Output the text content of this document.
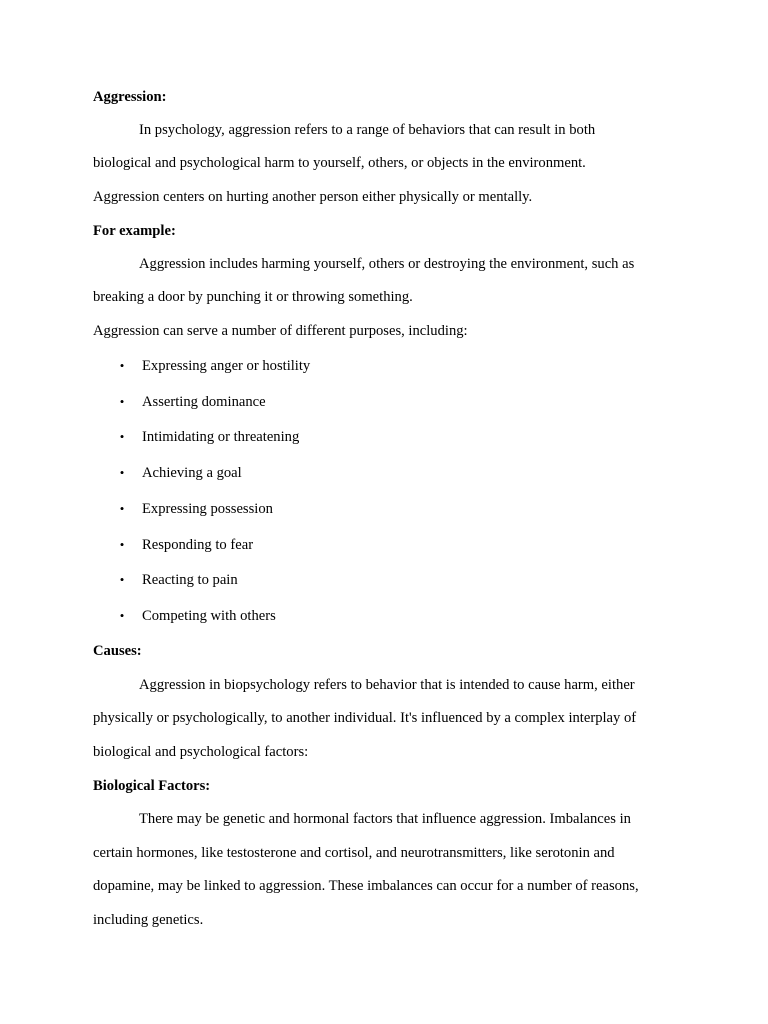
Aggression:
In psychology, aggression refers to a range of behaviors that can result in both
biological and psychological harm to yourself, others, or objects in the environment.
Aggression centers on hurting another person either physically or mentally.
For example:
Aggression includes harming yourself, others or destroying the environment, such as
breaking a door by punching it or throwing something.
Aggression can serve a number of different purposes, including:
• Expressing anger or hostility
• Asserting dominance
• Intimidating or threatening
• Achieving a goal
• Expressing possession
• Responding to fear
• Reacting to pain
• Competing with others
Causes:
Aggression in biopsychology refers to behavior that is intended to cause harm, either
physically or psychologically, to another individual. It's influenced by a complex interplay of
biological and psychological factors:
Biological Factors:
There may be genetic and hormonal factors that influence aggression. Imbalances in
certain hormones, like testosterone and cortisol, and neurotransmitters, like serotonin and
dopamine, may be linked to aggression. These imbalances can occur for a number of reasons,
including genetics.
